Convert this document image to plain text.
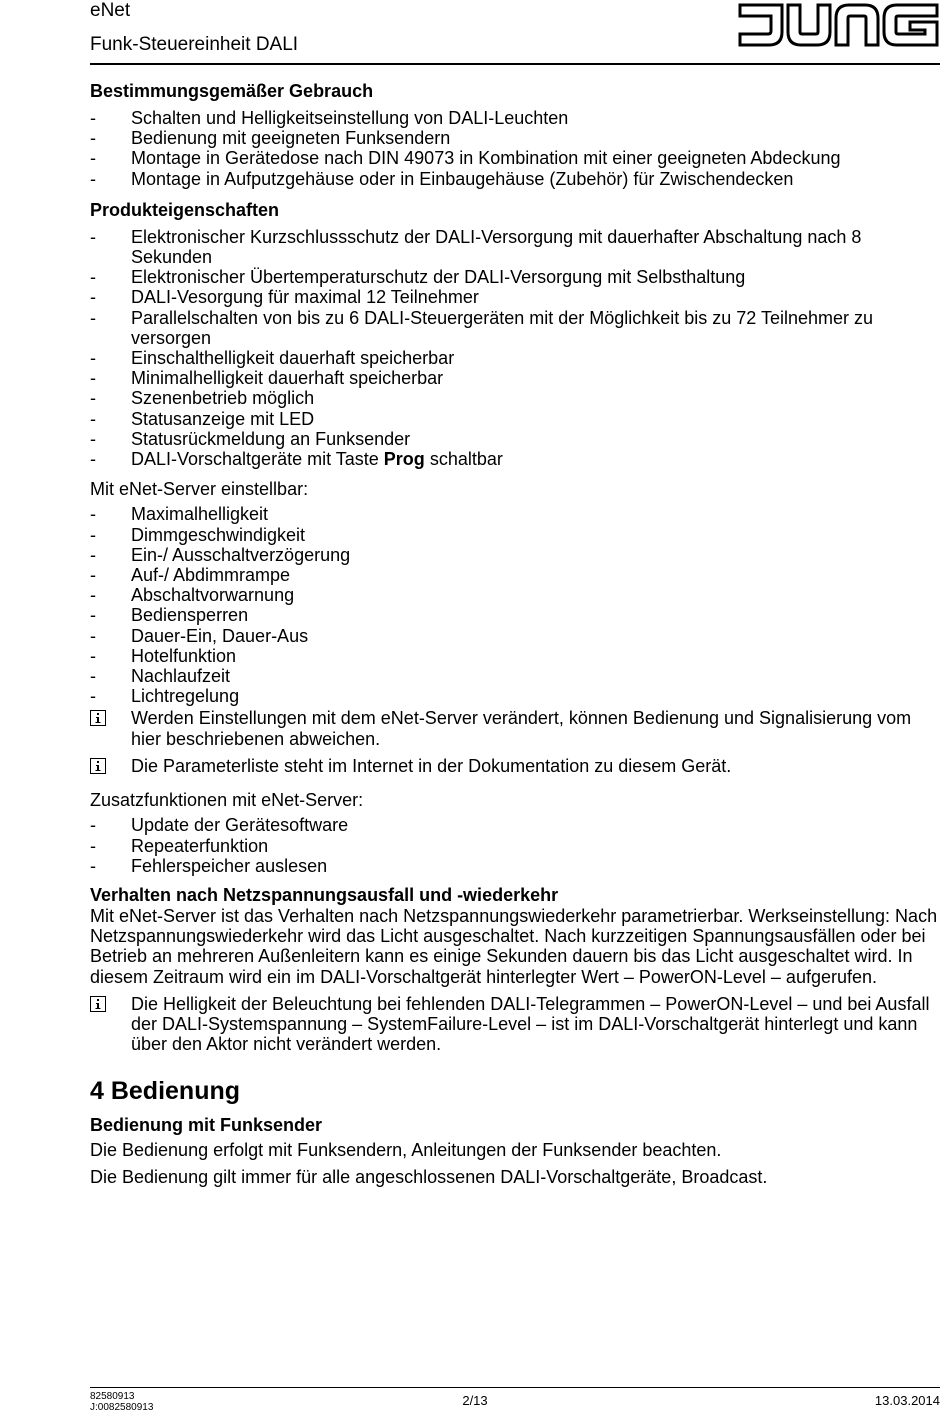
eNet
Funk-Steuereinheit DALI
Bestimmungsgemäßer Gebrauch
- Schalten und Helligkeitseinstellung von DALI-Leuchten
- Bedienung mit geeigneten Funksendern
- Montage in Gerätedose nach DIN 49073 in Kombination mit einer geeigneten Abdeckung
- Montage in Aufputzgehäuse oder in Einbaugehäuse (Zubehör) für Zwischendecken
Produkteigenschaften
- Elektronischer Kurzschlussschutz der DALI-Versorgung mit dauerhafter Abschaltung nach 8 Sekunden
- Elektronischer Übertemperaturschutz der DALI-Versorgung mit Selbsthaltung
- DALI-Vesorgung für maximal 12 Teilnehmer
- Parallelschalten von bis zu 6 DALI-Steuergeräten mit der Möglichkeit bis zu 72 Teilnehmer zu versorgen
- Einschalthelligkeit dauerhaft speicherbar
- Minimalhelligkeit dauerhaft speicherbar
- Szenenbetrieb möglich
- Statusanzeige mit LED
- Statusrückmeldung an Funksender
- DALI-Vorschaltgeräte mit Taste Prog schaltbar

Mit eNet-Server einstellbar:

- Maximalhelligkeit
- Dimmgeschwindigkeit
- Ein-/ Ausschaltverzögerung
- Auf-/ Abdimmrampe
- Abschaltvorwarnung
- Bediensperren
- Dauer-Ein, Dauer-Aus
- Hotelfunktion
- Nachlaufzeit
- Lichtregelung
Werden Einstellungen mit dem eNet-Server verändert, können Bedienung und Signalisierung vom hier beschriebenen abweichen.
Die Parameterliste steht im Internet in der Dokumentation zu diesem Gerät.

Zusatzfunktionen mit eNet-Server:

- Update der Gerätesoftware
- Repeaterfunktion
- Fehlerspeicher auslesen
Verhalten nach Netzspannungsausfall und -wiederkehr

Mit eNet-Server ist das Verhalten nach Netzspannungswiederkehr parametrierbar. Werkseinstellung: Nach Netzspannungswiederkehr wird das Licht ausgeschaltet. Nach kurzzeitigen Spannungsausfällen oder bei Betrieb an mehreren Außenleitern kann es einige Sekunden dauern bis das Licht ausgeschaltet wird. In diesem Zeitraum wird ein im DALI-Vorschaltgerät hinterlegter Wert – PowerON-Level – aufgerufen.

Die Helligkeit der Beleuchtung bei fehlenden DALI-Telegrammen – PowerON-Level – und bei Ausfall der DALI-Systemspannung – SystemFailure-Level – ist im DALI-Vorschaltgerät hinterlegt und kann über den Aktor nicht verändert werden.
4 Bedienung
Bedienung mit Funksender

Die Bedienung erfolgt mit Funksendern, Anleitungen der Funksender beachten.

Die Bedienung gilt immer für alle angeschlossenen DALI-Vorschaltgeräte, Broadcast.

82580913
J:0082580913	2/13	13.03.2014
